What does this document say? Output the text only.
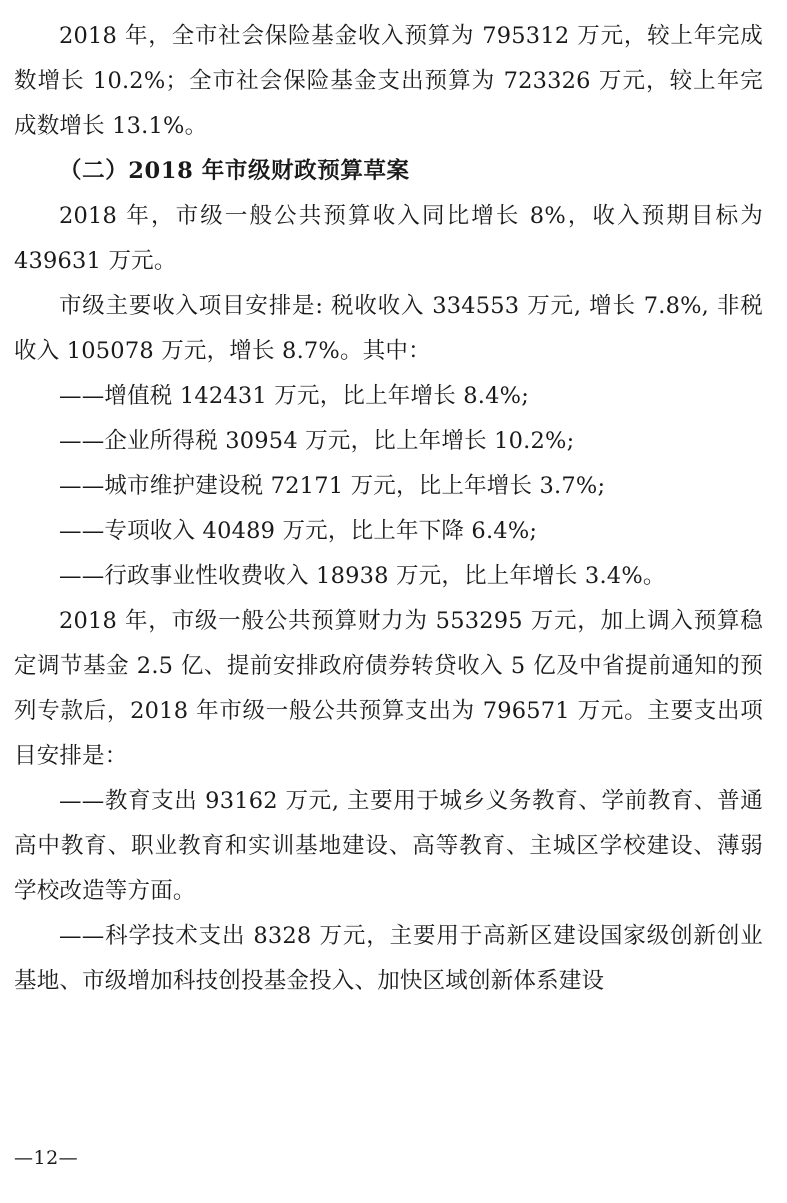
2018 年，全市社会保险基金收入预算为 795312 万元，较上年完成数增长 10.2%；全市社会保险基金支出预算为 723326 万元，较上年完成数增长 13.1%。

（二）2018 年市级财政预算草案

2018 年，市级一般公共预算收入同比增长 8%，收入预期目标为 439631 万元。

市级主要收入项目安排是: 税收收入 334553 万元, 增长 7.8%, 非税收入 105078 万元，增长 8.7%。其中：

——增值税 142431 万元，比上年增长 8.4%;

——企业所得税 30954 万元，比上年增长 10.2%;

——城市维护建设税 72171 万元，比上年增长 3.7%;

——专项收入 40489 万元，比上年下降 6.4%;

——行政事业性收费收入 18938 万元，比上年增长 3.4%。

2018 年，市级一般公共预算财力为 553295 万元，加上调入预算稳定调节基金 2.5 亿、提前安排政府债券转贷收入 5 亿及中省提前通知的预列专款后，2018 年市级一般公共预算支出为 796571 万元。主要支出项目安排是：

——教育支出 93162 万元, 主要用于城乡义务教育、学前教育、普通高中教育、职业教育和实训基地建设、高等教育、主城区学校建设、薄弱学校改造等方面。

——科学技术支出 8328 万元，主要用于高新区建设国家级创新创业基地、市级增加科技创投基金投入、加快区域创新体系建设

—12—
